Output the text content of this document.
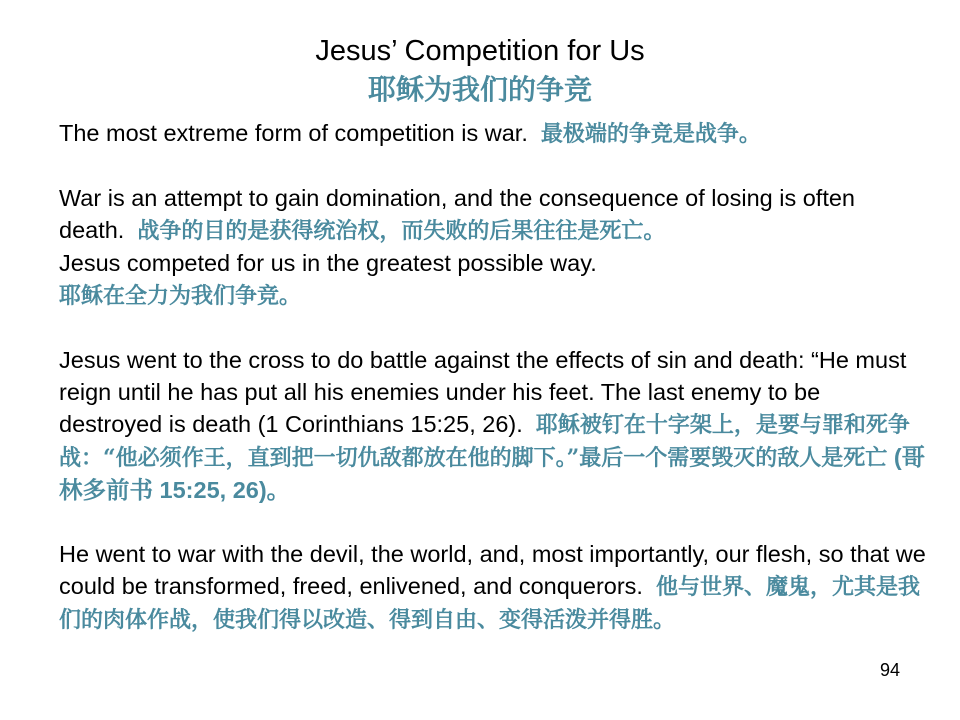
Jesus’ Competition for Us
耶稣为我们的争竞

The most extreme form of competition is war. 最极端的争竞是战争。

War is an attempt to gain domination, and the consequence of losing is often death. 战争的目的是获得统治权，而失败的后果往往是死亡。

Jesus competed for us in the greatest possible way.
耶稣在全力为我们争竞。

Jesus went to the cross to do battle against the effects of sin and death: “He must reign until he has put all his enemies under his feet. The last enemy to be destroyed is death (1 Corinthians 15:25, 26). 耶稣被钉在十字架上，是要与罪和死争战：“他必须作王，直到把一切仇敌都放在他的脚下。”最后一个需要毁灭的敌人是死亡 (哥林多前书 15:25, 26)。

He went to war with the devil, the world, and, most importantly, our flesh, so that we could be transformed, freed, enlivened, and conquerors. 他与世界、魔鬼，尤其是我们的肉体作战，使我们得以改造、得到自由、变得活泼并得胜。

94
